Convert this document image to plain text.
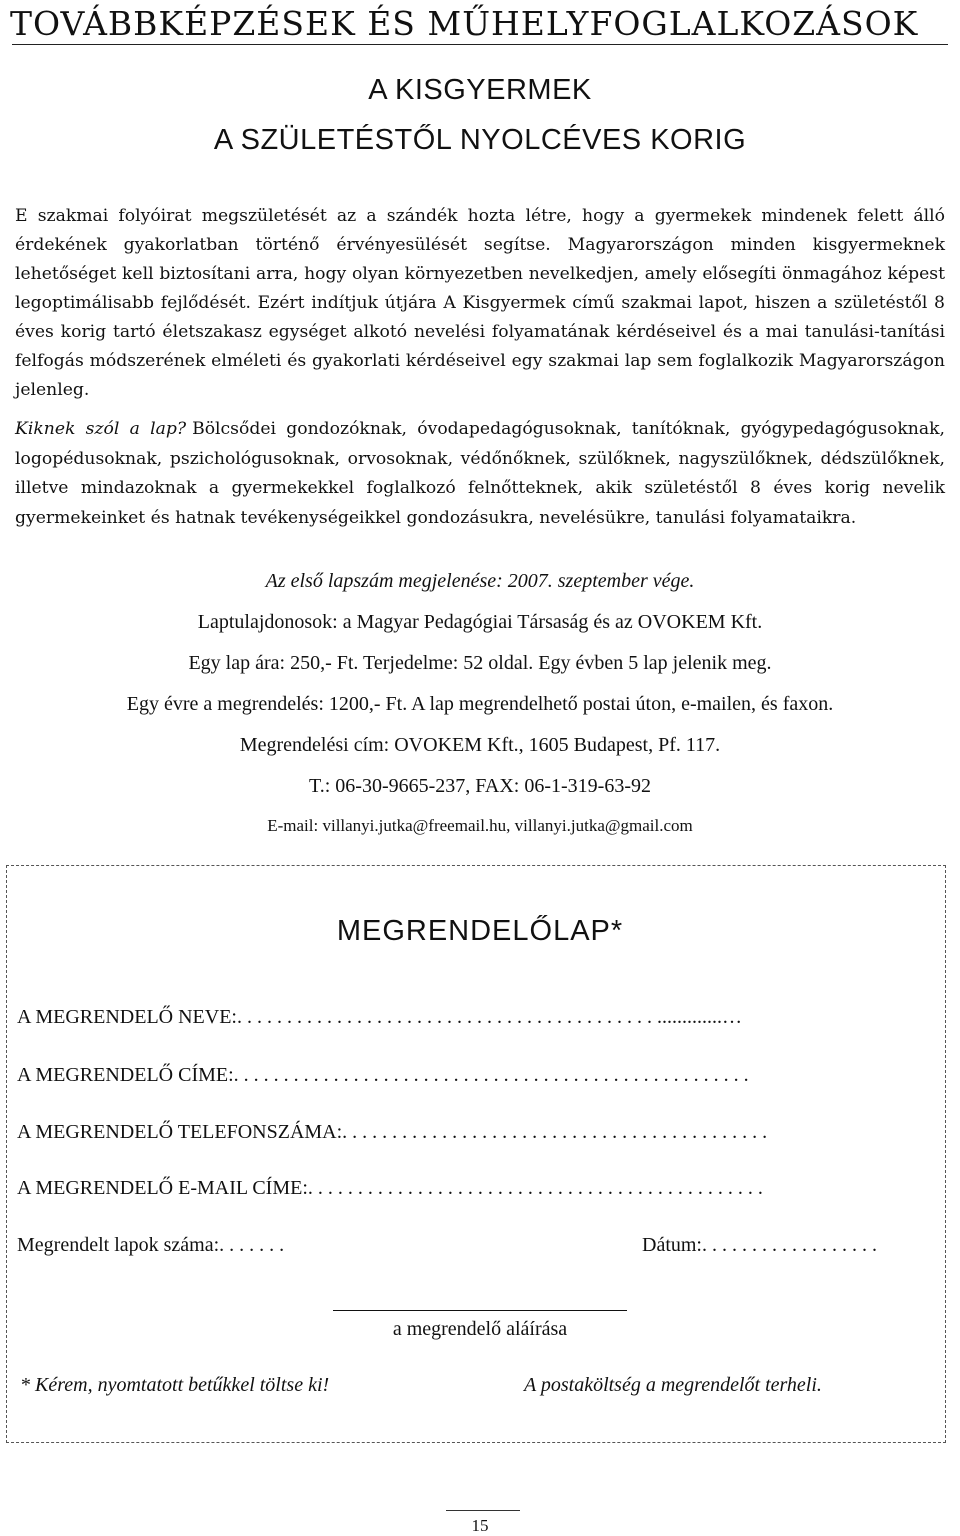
TOVÁBBKÉPZÉSEK ÉS MŰHELYFOGLALKOZÁSOK
A KISGYERMEK
A SZÜLETÉSTŐL NYOLCÉVES KORIG

E szakmai folyóirat megszületését az a szándék hozta létre, hogy a gyermekek mindenek felett álló érdekének gyakorlatban történő érvényesülését segítse. Magyarországon minden kisgyermeknek lehetőséget kell biztosítani arra, hogy olyan környezetben nevelkedjen, amely elősegíti önmagához képest legoptimálisabb fejlődését. Ezért indítjuk útjára A Kisgyermek című szakmai lapot, hiszen a születéstől 8 éves korig tartó életszakasz egységet alkotó nevelési folyamatának kérdéseivel és a mai tanulási-tanítási felfogás módszerének elméleti és gyakorlati kérdéseivel egy szakmai lap sem foglalkozik Magyarországon jelenleg.

Kiknek szól a lap? Bölcsődei gondozóknak, óvodapedagógusoknak, tanítóknak, gyógypedagógusoknak, logopédusoknak, pszichológusoknak, orvosoknak, védőnőknek, szülőknek, nagyszülőknek, dédszülőknek, illetve mindazoknak a gyermekekkel foglalkozó felnőtteknek, akik születéstől 8 éves korig nevelik gyermekeinket és hatnak tevékenységeikkel gondozásukra, nevelésükre, tanulási folyamataikra.

Az első lapszám megjelenése: 2007. szeptember vége.
Laptulajdonosok: a Magyar Pedagógiai Társaság és az OVOKEM Kft.
Egy lap ára: 250,- Ft. Terjedelme: 52 oldal. Egy évben 5 lap jelenik meg.
Egy évre a megrendelés: 1200,- Ft. A lap megrendelhető postai úton, e-mailen, és faxon.
Megrendelési cím: OVOKEM Kft., 1605 Budapest, Pf. 117.
T.: 06-30-9665-237, FAX: 06-1-319-63-92
E-mail: villanyi.jutka@freemail.hu, villanyi.jutka@gmail.com
MEGRENDELŐLAP*
A MEGRENDELŐ NEVE:. . . . . . . . . . . . . . . . . . . . . . . . . . . . . . . . . . . . . . . . . . .............…
A MEGRENDELŐ CÍME:. . . . . . . . . . . . . . . . . . . . . . . . . . . . . . . . . . . . . . . . . . . . . . . . . . . .
A MEGRENDELŐ TELEFONSZÁMA:. . . . . . . . . . . . . . . . . . . . . . . . . . . . . . . . . . . . . . . . . . .
A MEGRENDELŐ E-MAIL CÍME:. . . . . . . . . . . . . . . . . . . . . . . . . . . . . . . . . . . . . . . . . . . . . .
Megrendelt lapok száma:. . . . . . .	Dátum:. . . . . . . . . . . . . . . . . .
a megrendelő aláírása
* Kérem, nyomtatott betűkkel töltse ki!	A postaköltség a megrendelőt terheli.
15
